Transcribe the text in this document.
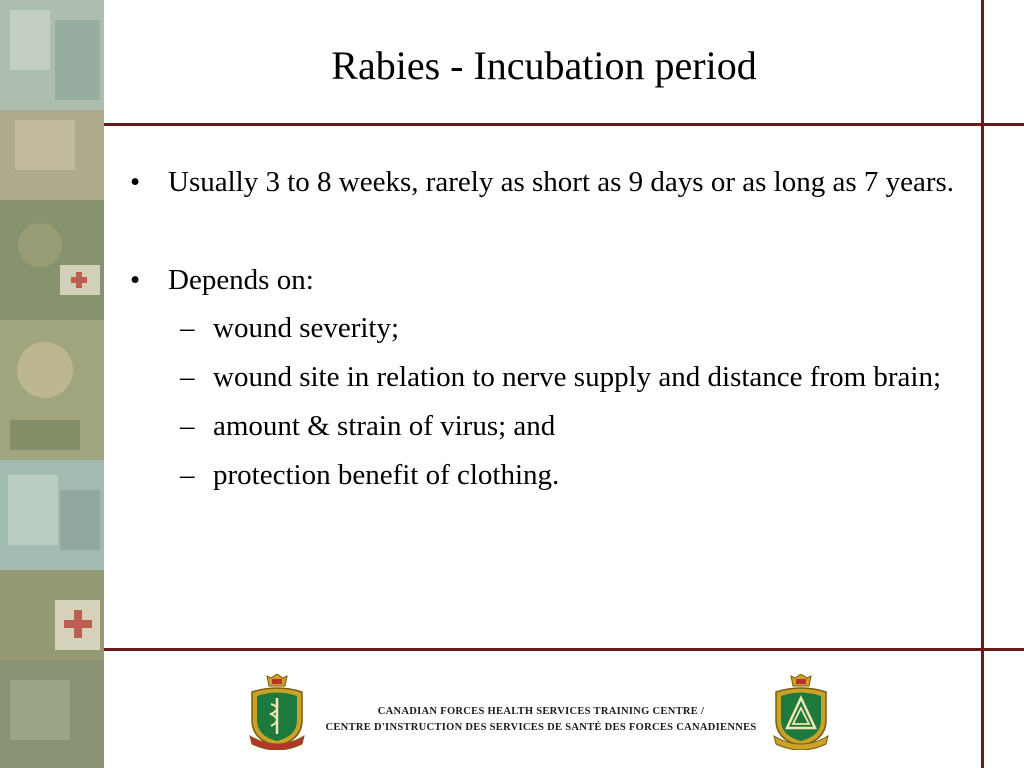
Rabies - Incubation period

• Usually 3 to 8 weeks, rarely as short as 9 days or as long as 7 years.

• Depends on:

– wound severity;

– wound site in relation to nerve supply and distance from brain;

– amount & strain of virus; and

– protection benefit of clothing.

CANADIAN FORCES HEALTH SERVICES TRAINING CENTRE /
CENTRE D'INSTRUCTION DES SERVICES DE SANTÉ DES FORCES CANADIENNES
